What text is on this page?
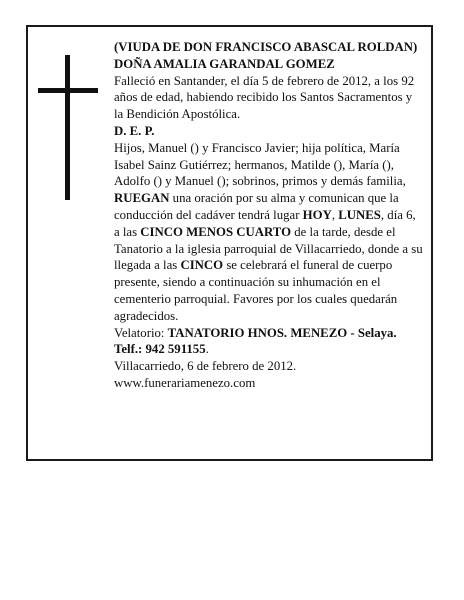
(VIUDA DE DON FRANCISCO ABASCAL ROLDAN)

DOÑA AMALIA GARANDAL GOMEZ

Falleció en Santander, el día 5 de febrero de 2012, a los 92 años de edad, habiendo recibido los Santos Sacramentos y la Bendición Apostólica.

D. E. P.

Hijos, Manuel () y Francisco Javier; hija política, María Isabel Sainz Gutiérrez; hermanos, Matilde (), María (), Adolfo () y Manuel (); sobrinos, primos y demás familia,

RUEGAN una oración por su alma y comunican que la conducción del cadáver tendrá lugar HOY, LUNES, día 6, a las CINCO MENOS CUARTO de la tarde, desde el Tanatorio a la iglesia parroquial de Villacarriedo, donde a su llegada a las CINCO se celebrará el funeral de cuerpo presente, siendo a continuación su inhumación en el cementerio parroquial. Favores por los cuales quedarán agradecidos.

Velatorio: TANATORIO HNOS. MENEZO - Selaya. Telf.: 942 591155.

Villacarriedo, 6 de febrero de 2012.

www.funerariamenezo.com
